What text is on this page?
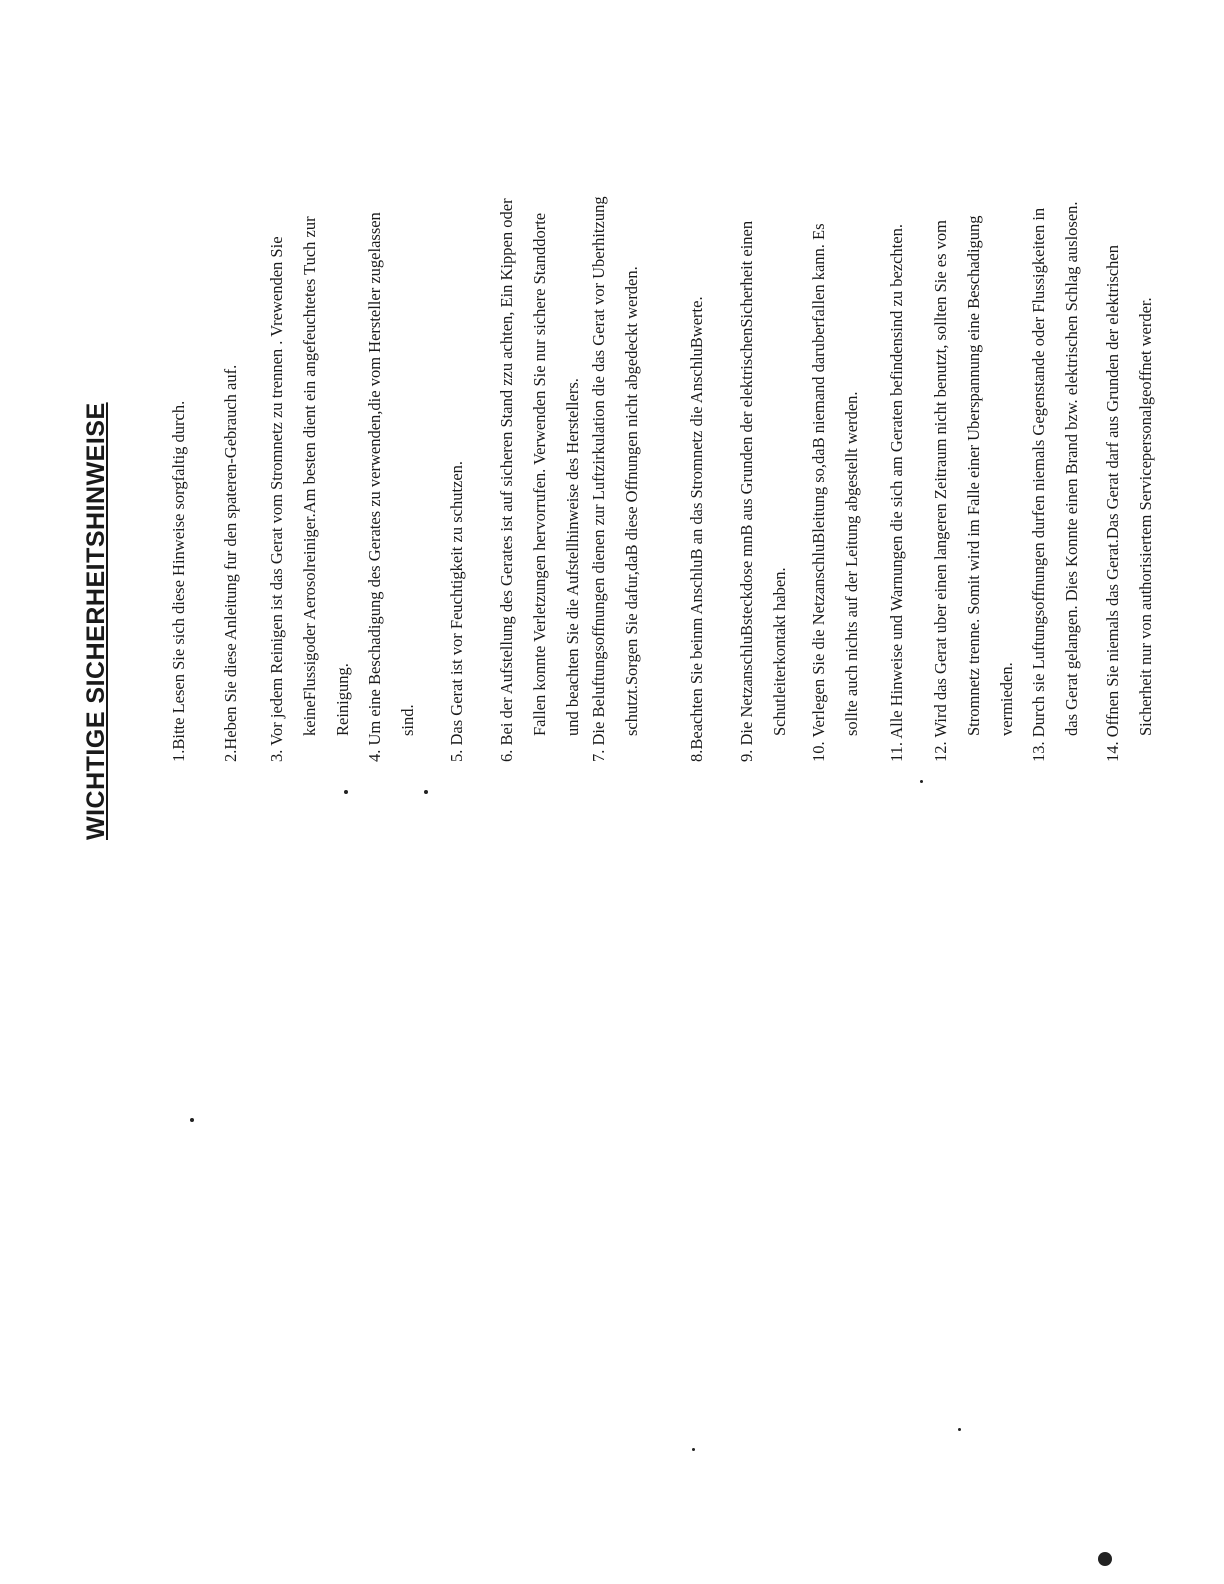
WICHTIGE SICHERHEITSHINWEISE	1.Bitte Lesen Sie sich diese Hinweise sorgfaltig durch.	2.Heben Sie diese Anleitung fur den spateren-Gebrauch auf.	3. Vor jedem Reinigen ist das Gerat vom Stromnetz zu trennen . Vrewenden Sie keineFlussigoder Aerosolreiniger.Am besten dient ein angefeuchtetes Tuch zur Reinigung. 4. Um eine Beschadigung des Gerates zu verwenden,die vom Hersteller zugelassen sind.	5. Das Gerat ist vor Feuchtigkeit zu schutzen.	6. Bei der Aufstellung des Gerates ist auf sicheren Stand zzu achten, Ein Kippen oder Fallen konnte Verletzungen hervorrufen. Verwenden Sie nur sichere Standdorte und beachten Sie die Aufstellhinweise des Herstellers. 7. Die Beluftungsoffnungen dienen zur Luftzirkulation die das Gerat vor Uberhitzung schutzt.Sorgen Sie dafur,daB diese Offnungen nicht abgedeckt werden.	8.Beachten Sie beinm AnschluB an das Stromnetz die AnschluBwerte.	9. Die NetzanschluBsteckdose mnB aus Grunden der elektrischenSicherheit einen Schutleiterkontakt haben.	10. Verlegen Sie die NetzanschluBleitung so,daB niemand daruberfallen kann. Es sollte auch nichts auf der Leitung abgestellt werden.	11. Alle Hinweise und Warnungen die sich am Geraten befindensind zu bezchten.	12. Wird das Gerat uber einen langeren Zeitraum nicht benutzt, sollten Sie es vom Stromnetz trenne. Somit wird im Falle einer Uberspannung eine Beschadigung vermieden. 13. Durch sie Luftungsoffnungen durfen niemals Gegenstande oder Flussigkeiten in das Gerat gelangen. Dies Konnte einen Brand bzw. elektrischen Schlag auslosen.	14. Offnen Sie niemals das Gerat.Das Gerat darf aus Grunden der elektrischen Sicherheit nur von authorisiertem Servicepersonalgeoffnet werder.
